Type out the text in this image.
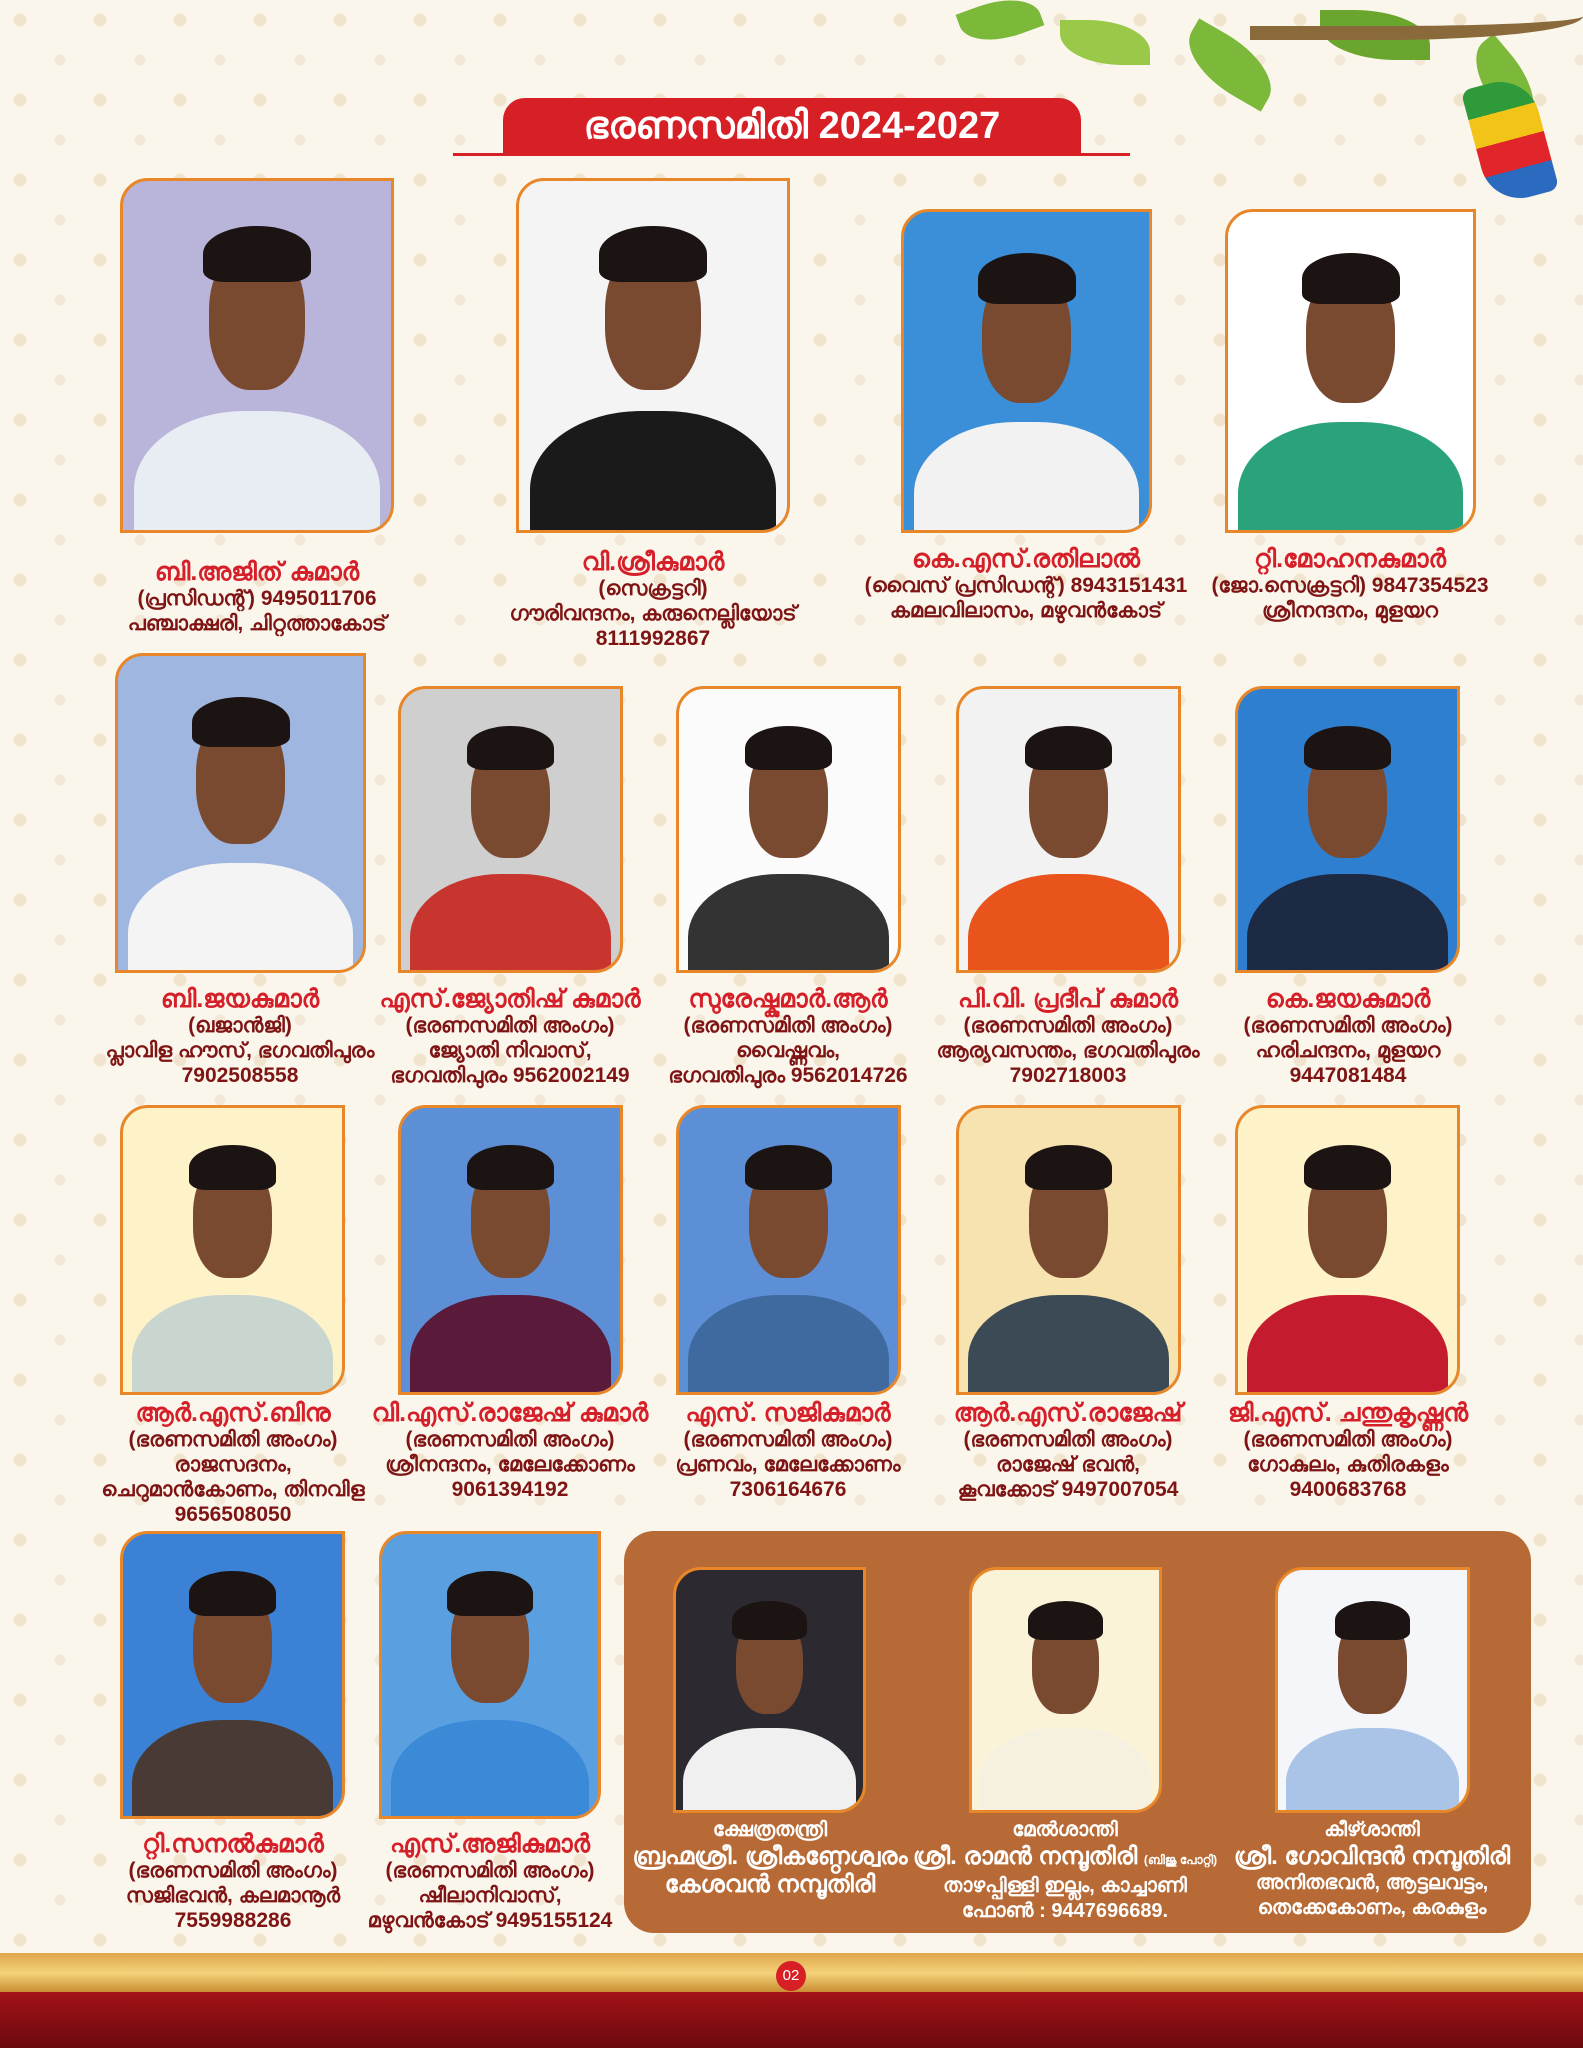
ഭരണസമിതി 2024-2027
ബി.അജിത് കുമാർ
(പ്രസിഡന്റ്) 9495011706
പഞ്ചാക്ഷരി, ചിറ്റത്താകോട്
വി.ശ്രീകുമാർ
(സെക്രട്ടറി)
ഗൗരിവന്ദനം, കരുനെല്ലിയോട്
8111992867
കെ.എസ്.രതിലാൽ
(വൈസ് പ്രസിഡന്റ്) 8943151431
കമലവിലാസം, മഴുവൻകോട്
റ്റി.മോഹനകുമാർ
(ജോ.സെക്രട്ടറി) 9847354523
ശ്രീനന്ദനം, മുളയറ
ബി.ജയകുമാർ
(ഖജാൻജി)
പ്ലാവിള ഹൗസ്, ഭഗവതിപുരം
7902508558
എസ്.ജ്യോതിഷ് കുമാർ
(ഭരണസമിതി അംഗം)
ജ്യോതി നിവാസ്,
ഭഗവതിപുരം 9562002149
സുരേഷ്കുമാർ.ആർ
(ഭരണസമിതി അംഗം)
വൈഷ്ണവം,
ഭഗവതിപുരം 9562014726
പി.വി. പ്രദീപ് കുമാർ
(ഭരണസമിതി അംഗം)
ആര്യവസന്തം, ഭഗവതിപുരം
7902718003
കെ.ജയകുമാർ
(ഭരണസമിതി അംഗം)
ഹരിചന്ദനം, മുളയറ
9447081484
ആർ.എസ്.ബിനു
(ഭരണസമിതി അംഗം)
രാജസദനം,
ചെറുമാൻകോണം, തിനവിള
9656508050
വി.എസ്.രാജേഷ് കുമാർ
(ഭരണസമിതി അംഗം)
ശ്രീനന്ദനം, മേലേക്കോണം
9061394192
എസ്. സജികുമാർ
(ഭരണസമിതി അംഗം)
പ്രണവം, മേലേക്കോണം
7306164676
ആർ.എസ്.രാജേഷ്
(ഭരണസമിതി അംഗം)
രാജേഷ് ഭവൻ,
കൂവക്കോട് 9497007054
ജി.എസ്. ചന്തുകൃഷ്ണൻ
(ഭരണസമിതി അംഗം)
ഗോകുലം, കുതിരകളം
9400683768
റ്റി.സനൽകുമാർ
(ഭരണസമിതി അംഗം)
സജിഭവൻ, കലമാനൂർ
7559988286
എസ്.അജികുമാർ
(ഭരണസമിതി അംഗം)
ഷീലാനിവാസ്,
മഴുവൻകോട് 9495155124
ക്ഷേത്രതന്ത്രി
ബ്രഹ്മശ്രീ. ശ്രീകണ്ഠേശ്വരം
കേശവൻ നമ്പൂതിരി
മേൽശാന്തി
ശ്രീ. രാമൻ നമ്പൂതിരി (ബിജു പോറ്റി)
താഴപ്പിള്ളി ഇല്ലം, കാച്ചാണി
ഫോൺ : 9447696689.
കീഴ്ശാന്തി
ശ്രീ. ഗോവിന്ദൻ നമ്പൂതിരി
അനിതഭവൻ, ആട്ടലവട്ടം,
തെക്കേകോണം, കരകുളം
02
